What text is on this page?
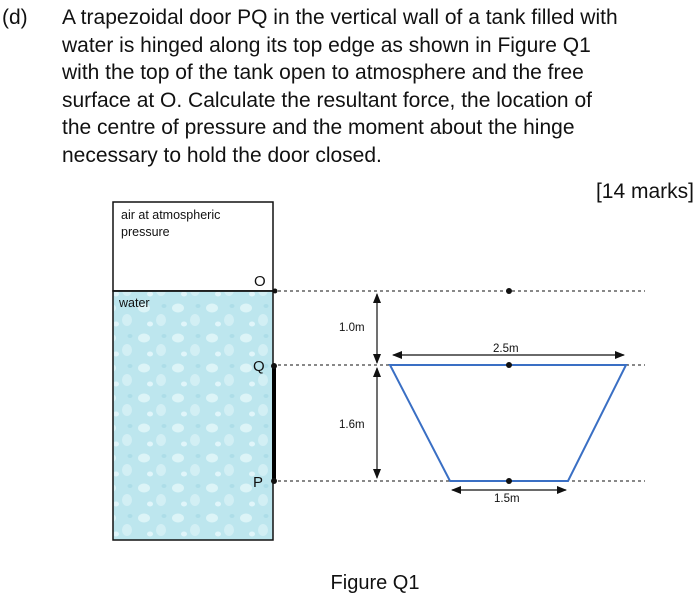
(d) A trapezoidal door PQ in the vertical wall of a tank filled with
water is hinged along its top edge as shown in Figure Q1
with the top of the tank open to atmosphere and the free
surface at O. Calculate the resultant force, the location of
the centre of pressure and the moment about the hinge
necessary to hold the door closed.
[14 marks]
air at atmospheric
pressure
water
O
Q
P
1.0m
1.6m
2.5m
1.5m
Figure Q1
